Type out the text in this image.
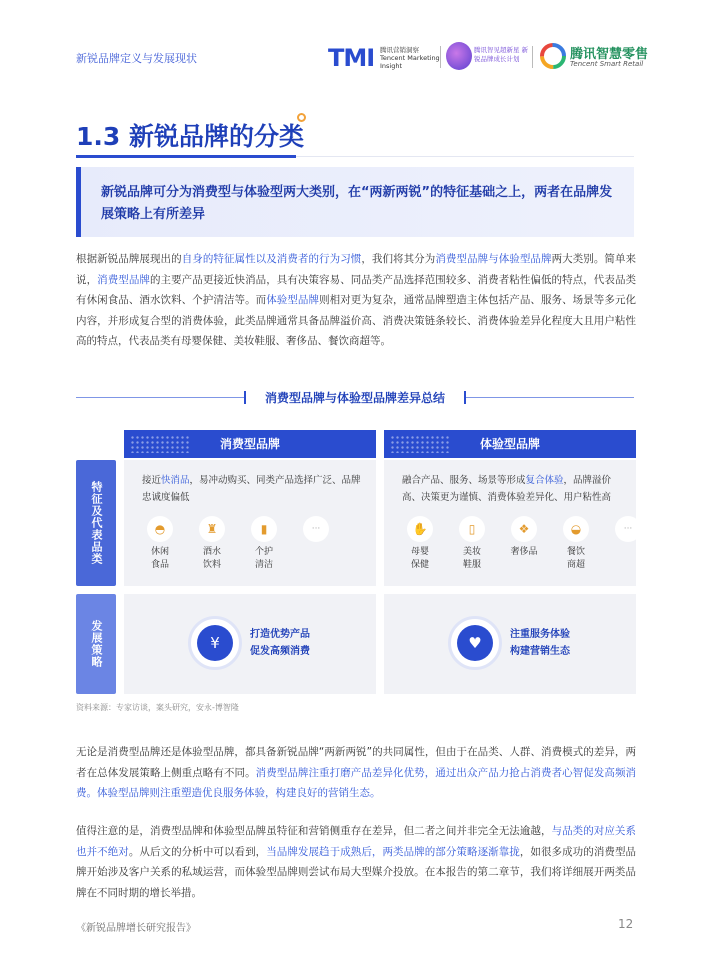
新锐品牌定义与发展现状	TMI 腾讯营销洞察 Tencent Marketing Insight
腾讯智见超新星 新锐品牌成长计划	腾讯智慧零售
Tencent Smart Retail
1.3 新锐品牌的分类
新锐品牌可分为消费型与体验型两大类别，在“两新两锐”的特征基础之上，两者在品牌发展策略上有所差异
根据新锐品牌展现出的自身的特征属性以及消费者的行为习惯，我们将其分为消费型品牌与体验型品牌两大类别。简单来说，消费型品牌的主要产品更接近快消品，具有决策容易、同品类产品选择范围较多、消费者粘性偏低的特点，代表品类有休闲食品、酒水饮料、个护清洁等。而体验型品牌则相对更为复杂，通常品牌塑造主体包括产品、服务、场景等多元化内容，并形成复合型的消费体验，此类品牌通常具备品牌溢价高、消费决策链条较长、消费体验差异化程度大且用户粘性高的特点，代表品类有母婴保健、美妆鞋服、奢侈品、餐饮商超等。
消费型品牌与体验型品牌差异总结
消费型品牌	体验型品牌
特征及代表品类
发展策略
接近快消品，易冲动购买、同类产品选择广泛、品牌忠诚度偏低
◓
休闲
食品
♜
酒水
饮料
▮
个护
清洁
···
融合产品、服务、场景等形成复合体验，品牌溢价高、决策更为谨慎、消费体验差异化、用户粘性高
✋
母婴
保健
▯
美妆
鞋服
❖
奢侈品
◒
餐饮
商超
···
¥	打造优势产品
促发高频消费	♥	注重服务体验
构建营销生态
资料来源：专家访谈，案头研究，安永-博智隆
无论是消费型品牌还是体验型品牌，都具备新锐品牌“两新两锐”的共同属性，但由于在品类、人群、消费模式的差异，两者在总体发展策略上侧重点略有不同。消费型品牌注重打磨产品差异化优势，通过出众产品力抢占消费者心智促发高频消费。体验型品牌则注重塑造优良服务体验，构建良好的营销生态。
值得注意的是，消费型品牌和体验型品牌虽特征和营销侧重存在差异，但二者之间并非完全无法逾越，与品类的对应关系也并不绝对。从后文的分析中可以看到，当品牌发展趋于成熟后，两类品牌的部分策略逐渐靠拢，如很多成功的消费型品牌开始涉及客户关系的私域运营，而体验型品牌则尝试布局大型媒介投放。在本报告的第二章节，我们将详细展开两类品牌在不同时期的增长举措。
《新锐品牌增长研究报告》	12
